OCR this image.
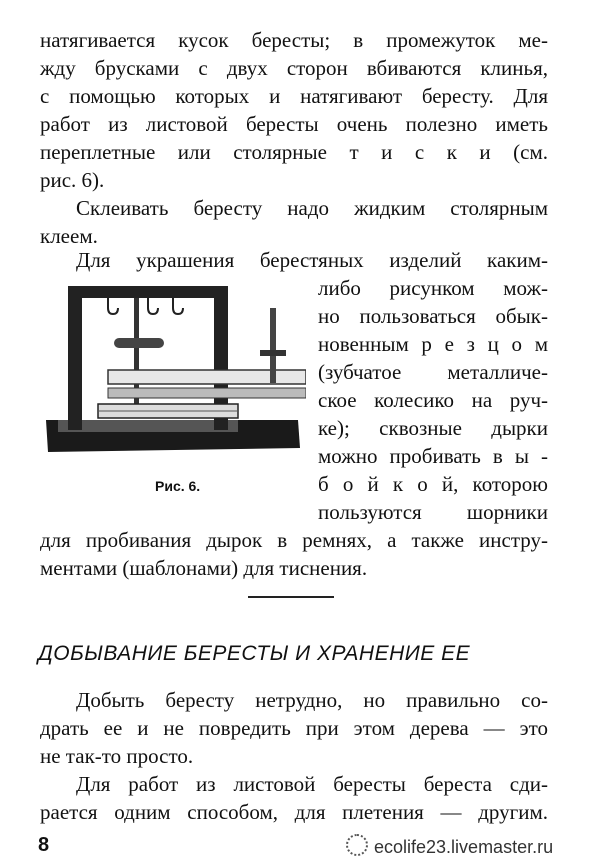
натягивается кусок бересты; в промежуток ме-
жду брусками с двух сторон вбиваются клинья,
с помощью которых и натягивают бересту. Для
работ из листовой бересты очень полезно иметь
переплетные или столярные т и с к и (см.
рис. 6).
Склеивать бересту надо жидким столярным
клеем.
Для украшения берестяных изделий каким-
либо рисунком мож-
но пользоваться обык-
новенным р е з ц о м
(зубчатое металличе-
ское колесико на руч-
ке); сквозные дырки
можно пробивать в ы -
б о й к о й, которою
пользуются шорники
для пробивания дырок в ремнях, а также инстру-
ментами (шаблонами) для тиснения.
Рис. 6.
ДОБЫВАНИЕ БЕРЕСТЫ И ХРАНЕНИЕ ЕЕ
Добыть бересту нетрудно, но правильно со-
драть ее и не повредить при этом дерева — это
не так-то просто.
Для работ из листовой бересты береста сди-
рается одним способом, для плетения — другим.
8	ecolife23.livemaster.ru
